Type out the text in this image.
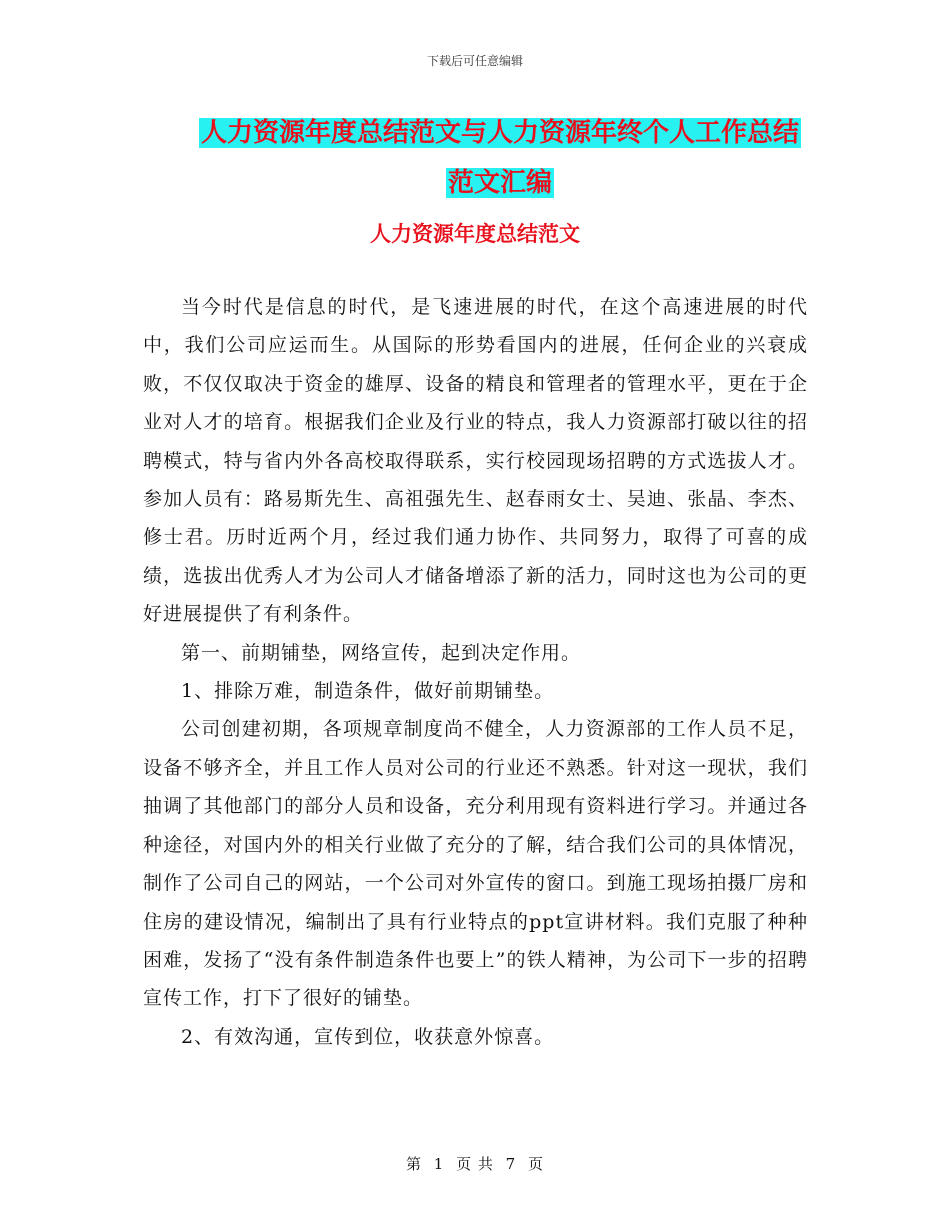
下载后可任意编辑
人力资源年度总结范文与人力资源年终个人工作总结
范文汇编
人力资源年度总结范文

当今时代是信息的时代，是飞速进展的时代，在这个高速进展的时代中，我们公司应运而生。从国际的形势看国内的进展，任何企业的兴衰成败，不仅仅取决于资金的雄厚、设备的精良和管理者的管理水平，更在于企业对人才的培育。根据我们企业及行业的特点，我人力资源部打破以往的招聘模式，特与省内外各高校取得联系，实行校园现场招聘的方式选拔人才。参加人员有：路易斯先生、高祖强先生、赵春雨女士、吴迪、张晶、李杰、修士君。历时近两个月，经过我们通力协作、共同努力，取得了可喜的成绩，选拔出优秀人才为公司人才储备增添了新的活力，同时这也为公司的更好进展提供了有利条件。

第一、前期铺垫，网络宣传，起到决定作用。

1、排除万难，制造条件，做好前期铺垫。

公司创建初期，各项规章制度尚不健全，人力资源部的工作人员不足，设备不够齐全，并且工作人员对公司的行业还不熟悉。针对这一现状，我们抽调了其他部门的部分人员和设备，充分利用现有资料进行学习。并通过各种途径，对国内外的相关行业做了充分的了解，结合我们公司的具体情况，制作了公司自己的网站，一个公司对外宣传的窗口。到施工现场拍摄厂房和住房的建设情况，编制出了具有行业特点的ppt宣讲材料。我们克服了种种困难，发扬了“没有条件制造条件也要上”的铁人精神，为公司下一步的招聘宣传工作，打下了很好的铺垫。

2、有效沟通，宣传到位，收获意外惊喜。

第 1 页 共 7 页
